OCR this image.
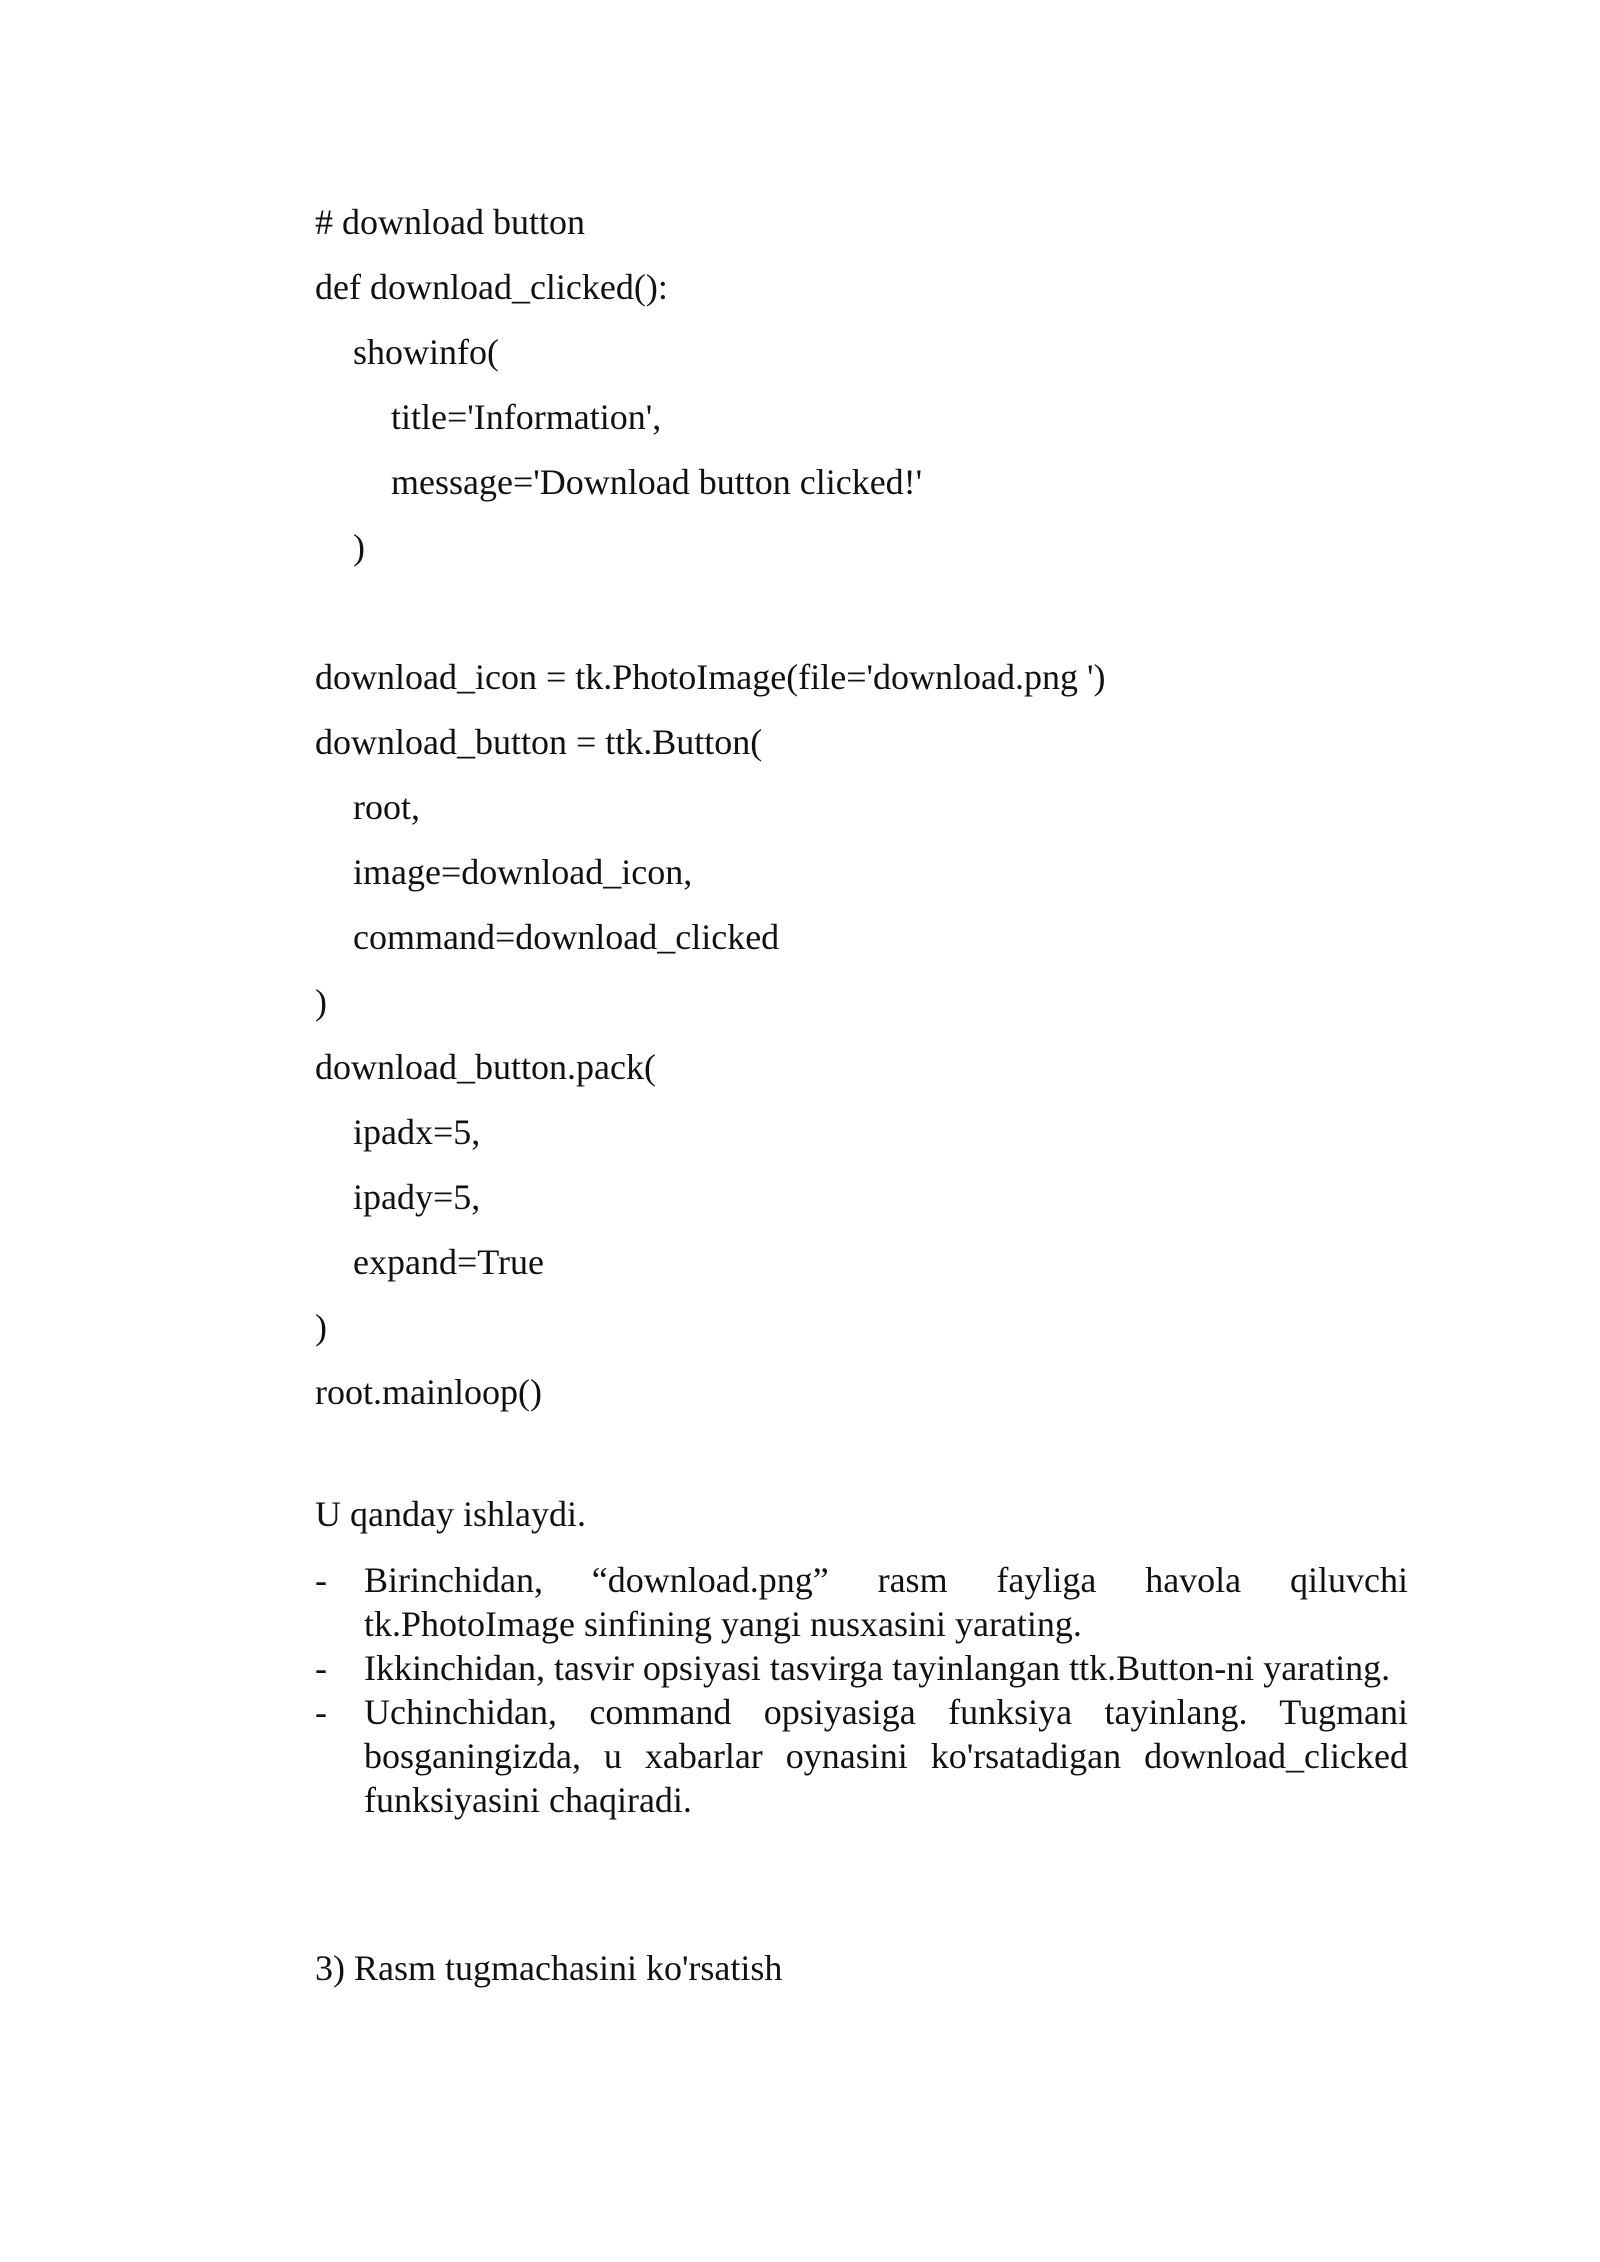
# download button
def download_clicked():
showinfo(
title='Information',
message='Download button clicked!'
)
download_icon = tk.PhotoImage(file='download.png ')
download_button = ttk.Button(
root,
image=download_icon,
command=download_clicked
)
download_button.pack(
ipadx=5,
ipady=5,
expand=True
)
root.mainloop()
U qanday ishlaydi.
- Birinchidan, “download.png” rasm fayliga havola qiluvchi tk.PhotoImage sinfining yangi nusxasini yarating.
- Ikkinchidan, tasvir opsiyasi tasvirga tayinlangan ttk.Button-ni yarating.
- Uchinchidan, command opsiyasiga funksiya tayinlang. Tugmani bosganingizda, u xabarlar oynasini ko'rsatadigan download_clicked funksiyasini chaqiradi.
3) Rasm tugmachasini ko'rsatish
